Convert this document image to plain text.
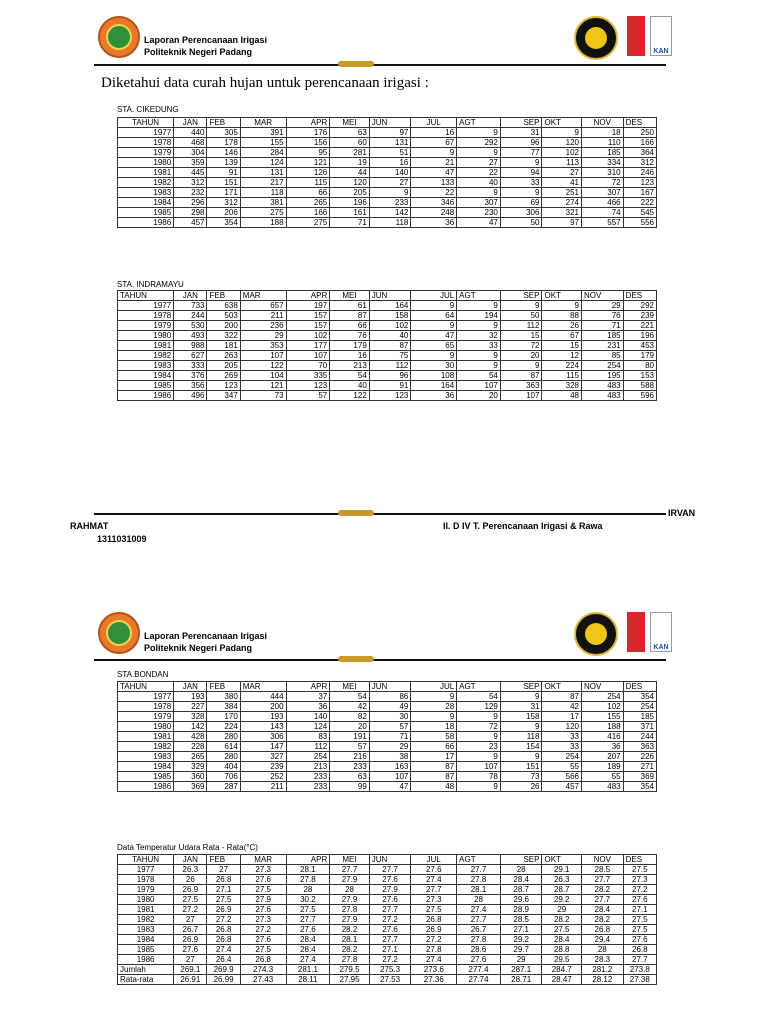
Laporan Perencanaan Irigasi
Politeknik Negeri Padang	KAN
Diketahui data curah hujan untuk perencanaan irigasi :
STA. CIKEDUNG
TAHUN	JAN	FEB	MAR	APR	MEI	JUN	JUL	AGT	SEP	OKT	NOV	DES
1977	440	305	391	176	63	97	16	9	31	9	18	250
1978	468	178	155	156	60	131	67	292	96	120	110	166
1979	304	146	284	95	281	51	9	9	77	102	185	364
1980	359	139	124	121	19	16	21	27	9	113	334	312
1981	445	91	131	126	44	140	47	22	94	27	310	246
1982	312	151	217	115	120	27	133	40	33	41	72	123
1983	232	171	118	66	205	9	22	9	9	251	307	167
1984	296	312	381	265	196	233	346	307	69	274	466	222
1985	298	206	275	166	161	142	248	230	306	321	74	545
1986	457	354	188	275	71	118	36	47	50	97	557	556
STA. INDRAMAYU
TAHUN	JAN	FEB	MAR	APR	MEI	JUN	JUL	AGT	SEP	OKT	NOV	DES
1977	733	638	657	197	61	164	9	9	9	9	29	292
1978	244	503	211	157	87	158	64	194	50	88	76	239
1979	530	200	236	157	66	102	9	9	112	26	71	221
1980	493	322	29	102	76	40	47	32	15	67	185	196
1981	988	181	353	177	179	87	65	33	72	15	231	453
1982	627	263	107	107	16	75	9	9	20	12	85	179
1983	333	205	122	70	213	112	30	9	9	224	254	80
1984	376	269	104	335	54	96	108	54	87	115	195	153
1985	356	123	121	123	40	91	164	107	363	328	483	588
1986	496	347	73	57	122	123	36	20	107	48	483	596
IRVAN
RAHMAT	II. D IV T. Perencanaan Irigasi & Rawa
1311031009
Laporan Perencanaan Irigasi
Politeknik Negeri Padang	KAN
STA.BONDAN
TAHUN	JAN	FEB	MAR	APR	MEI	JUN	JUL	AGT	SEP	OKT	NOV	DES
1977	193	380	444	37	54	86	9	54	9	87	254	354
1978	227	384	200	36	42	49	28	129	31	42	102	254
1979	328	170	193	140	82	30	9	9	158	17	155	185
1980	142	224	143	124	20	57	18	72	9	120	188	371
1981	428	280	306	83	191	71	58	9	118	33	416	244
1982	228	614	147	112	57	29	66	23	154	33	36	363
1983	265	280	327	254	216	38	17	9	9	254	207	226
1984	329	404	239	213	233	163	87	107	151	55	189	271
1985	360	706	252	233	63	107	87	78	73	566	55	369
1986	369	287	211	233	99	47	48	9	26	457	483	354
Data Temperatur Udara Rata - Rata(°C)
TAHUN	JAN	FEB	MAR	APR	MEI	JUN	JUL	AGT	SEP	OKT	NOV	DES
1977	26.3	27	27.3	28.1	27.7	27.7	27.6	27.7	28	29.1	28.5	27.5
1978	26	26.8	27.6	27.8	27.9	27.6	27.4	27.8	28.4	26.3	27.7	27.3
1979	26.9	27.1	27.5	28	28	27.9	27.7	28.1	28.7	28.7	28.2	27.2
1980	27.5	27.5	27.9	30.2	27.9	27.6	27.3	28	29.6	29.2	27.7	27.6
1981	27.2	26.9	27.6	27.5	27.8	27.7	27.5	27.4	28.9	29	28.4	27.1
1982	27	27.2	27.3	27.7	27.9	27.2	26.8	27.7	28.5	28.2	28.2	27.5
1983	26.7	26.8	27.2	27.6	28.2	27.6	26.9	26.7	27.1	27.5	26.8	27.5
1984	26.9	26.8	27.6	28.4	28.1	27.7	27.2	27.8	29.2	28.4	29.4	27.6
1985	27.6	27.4	27.5	28.4	28.2	27.1	27.8	28.6	29.7	28.8	28	26.8
1986	27	26.4	26.8	27.4	27.8	27.2	27.4	27.6	29	29.5	28.3	27.7
Jumlah	269.1	269.9	274.3	281.1	279.5	275.3	273.6	277.4	287.1	284.7	281.2	273.8
Rata-rata	26.91	26.99	27.43	28.11	27.95	27.53	27.36	27.74	28.71	28.47	28.12	27.38
